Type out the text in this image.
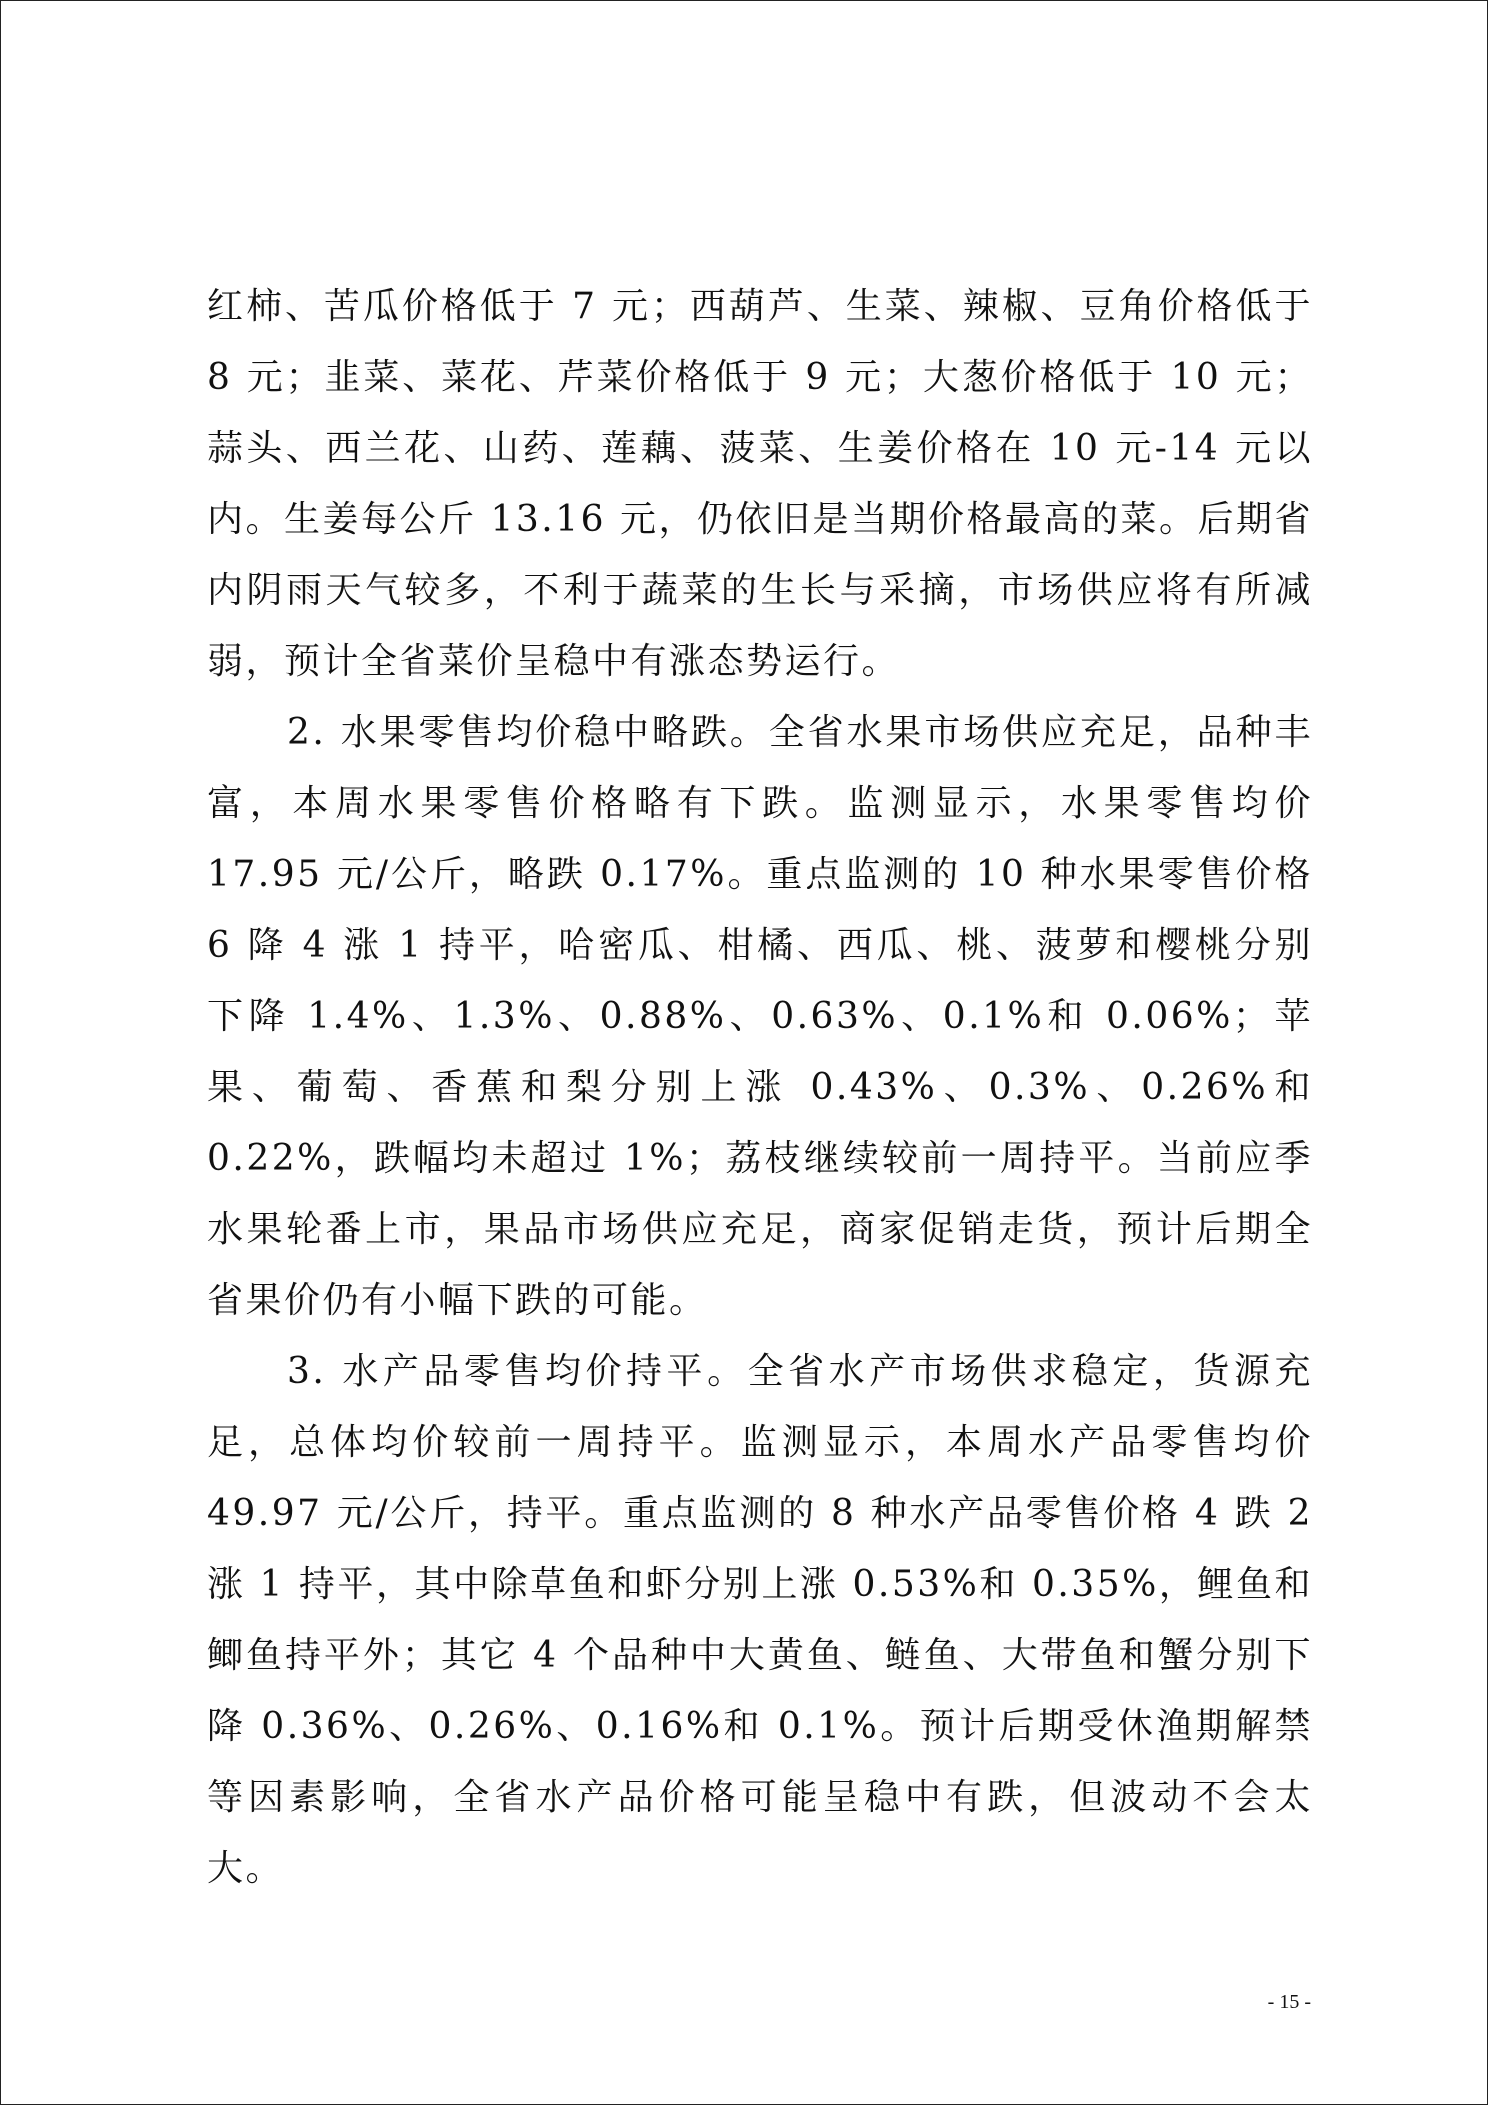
红柿、苦瓜价格低于 7 元；西葫芦、生菜、辣椒、豆角价格低于 8 元；韭菜、菜花、芹菜价格低于 9 元；大葱价格低于 10 元；蒜头、西兰花、山药、莲藕、菠菜、生姜价格在 10 元-14 元以内。生姜每公斤 13.16 元，仍依旧是当期价格最高的菜。后期省内阴雨天气较多，不利于蔬菜的生长与采摘，市场供应将有所减弱，预计全省菜价呈稳中有涨态势运行。

2. 水果零售均价稳中略跌。全省水果市场供应充足，品种丰富，本周水果零售价格略有下跌。监测显示，水果零售均价 17.95 元/公斤，略跌 0.17%。重点监测的 10 种水果零售价格 6 降 4 涨 1 持平，哈密瓜、柑橘、西瓜、桃、菠萝和樱桃分别下降 1.4%、1.3%、0.88%、0.63%、0.1%和 0.06%；苹果、葡萄、香蕉和梨分别上涨 0.43%、0.3%、0.26%和 0.22%，跌幅均未超过 1%；荔枝继续较前一周持平。当前应季水果轮番上市，果品市场供应充足，商家促销走货，预计后期全省果价仍有小幅下跌的可能。

3. 水产品零售均价持平。全省水产市场供求稳定，货源充足，总体均价较前一周持平。监测显示，本周水产品零售均价 49.97 元/公斤，持平。重点监测的 8 种水产品零售价格 4 跌 2 涨 1 持平，其中除草鱼和虾分别上涨 0.53%和 0.35%，鲤鱼和鲫鱼持平外；其它 4 个品种中大黄鱼、鲢鱼、大带鱼和蟹分别下降 0.36%、0.26%、0.16%和 0.1%。预计后期受休渔期解禁等因素影响，全省水产品价格可能呈稳中有跌，但波动不会太大。

- 15 -
